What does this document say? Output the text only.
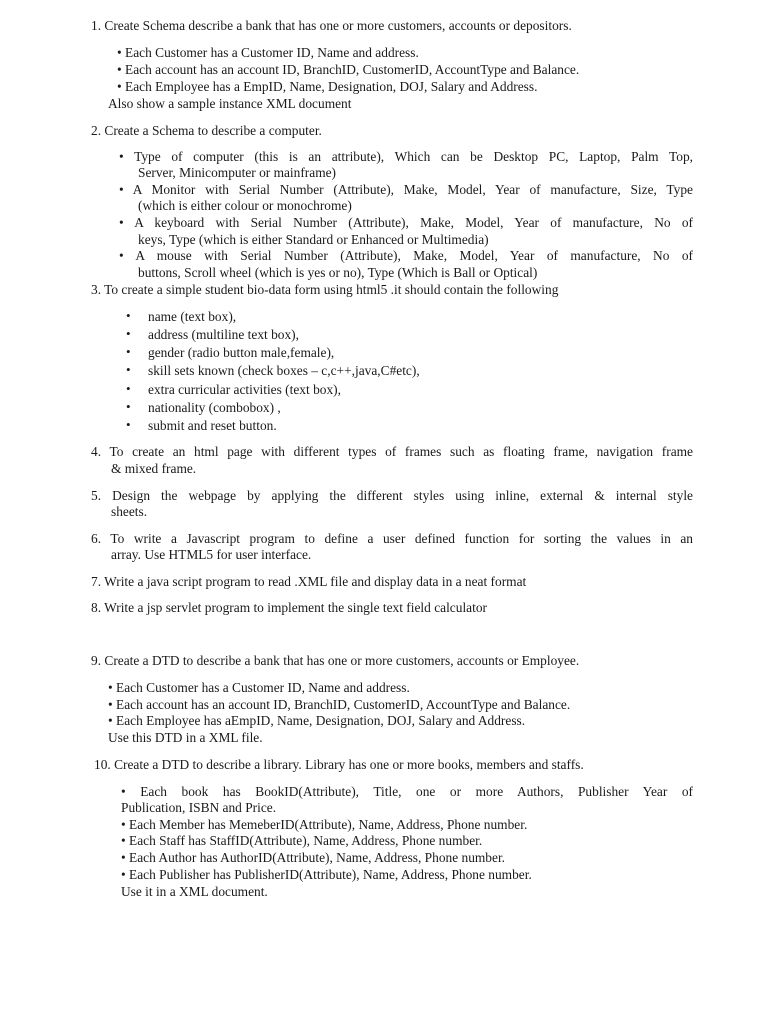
1. Create Schema describe a bank that has one or more customers, accounts or depositors.
• Each Customer has a Customer ID, Name and address.
• Each account has an account ID, BranchID, CustomerID, AccountType and Balance.
• Each Employee has a EmpID, Name, Designation, DOJ, Salary and Address.
Also show a sample instance XML document
2. Create a Schema to describe a computer.
• Type of computer (this is an attribute), Which can be Desktop PC, Laptop, Palm Top,
Server, Minicomputer or mainframe)
• A Monitor with Serial Number (Attribute), Make, Model, Year of manufacture, Size, Type
(which is either colour or monochrome)
• A keyboard with Serial Number (Attribute), Make, Model, Year of manufacture, No of
keys, Type (which is either Standard or Enhanced or Multimedia)
• A mouse with Serial Number (Attribute), Make, Model, Year of manufacture, No of
buttons, Scroll wheel (which is yes or no), Type (Which is Ball or Optical)
3. To create a simple student bio-data form using html5 .it should contain the following
• name (text box),
• address (multiline text box),
• gender (radio button male,female),
• skill sets known (check boxes – c,c++,java,C#etc),
• extra curricular activities (text box),
• nationality (combobox) ,
• submit and reset button.
4. To create an html page with different types of frames such as floating frame, navigation frame
& mixed frame.
5. Design the webpage by applying the different styles using inline, external & internal style
sheets.
6. To write a Javascript program to define a user defined function for sorting the values in an
array. Use HTML5 for user interface.
7. Write a java script program to read .XML file and display data in a neat format
8. Write a jsp servlet program to implement the single text field calculator
9. Create a DTD to describe a bank that has one or more customers, accounts or Employee.
• Each Customer has a Customer ID, Name and address.
• Each account has an account ID, BranchID, CustomerID, AccountType and Balance.
• Each Employee has aEmpID, Name, Designation, DOJ, Salary and Address.
Use this DTD in a XML file.
10. Create a DTD to describe a library. Library has one or more books, members and staffs.
• Each book has BookID(Attribute), Title, one or more Authors, Publisher Year of
Publication, ISBN and Price.
• Each Member has MemeberID(Attribute), Name, Address, Phone number.
• Each Staff has StaffID(Attribute), Name, Address, Phone number.
• Each Author has AuthorID(Attribute), Name, Address, Phone number.
• Each Publisher has PublisherID(Attribute), Name, Address, Phone number.
Use it in a XML document.
